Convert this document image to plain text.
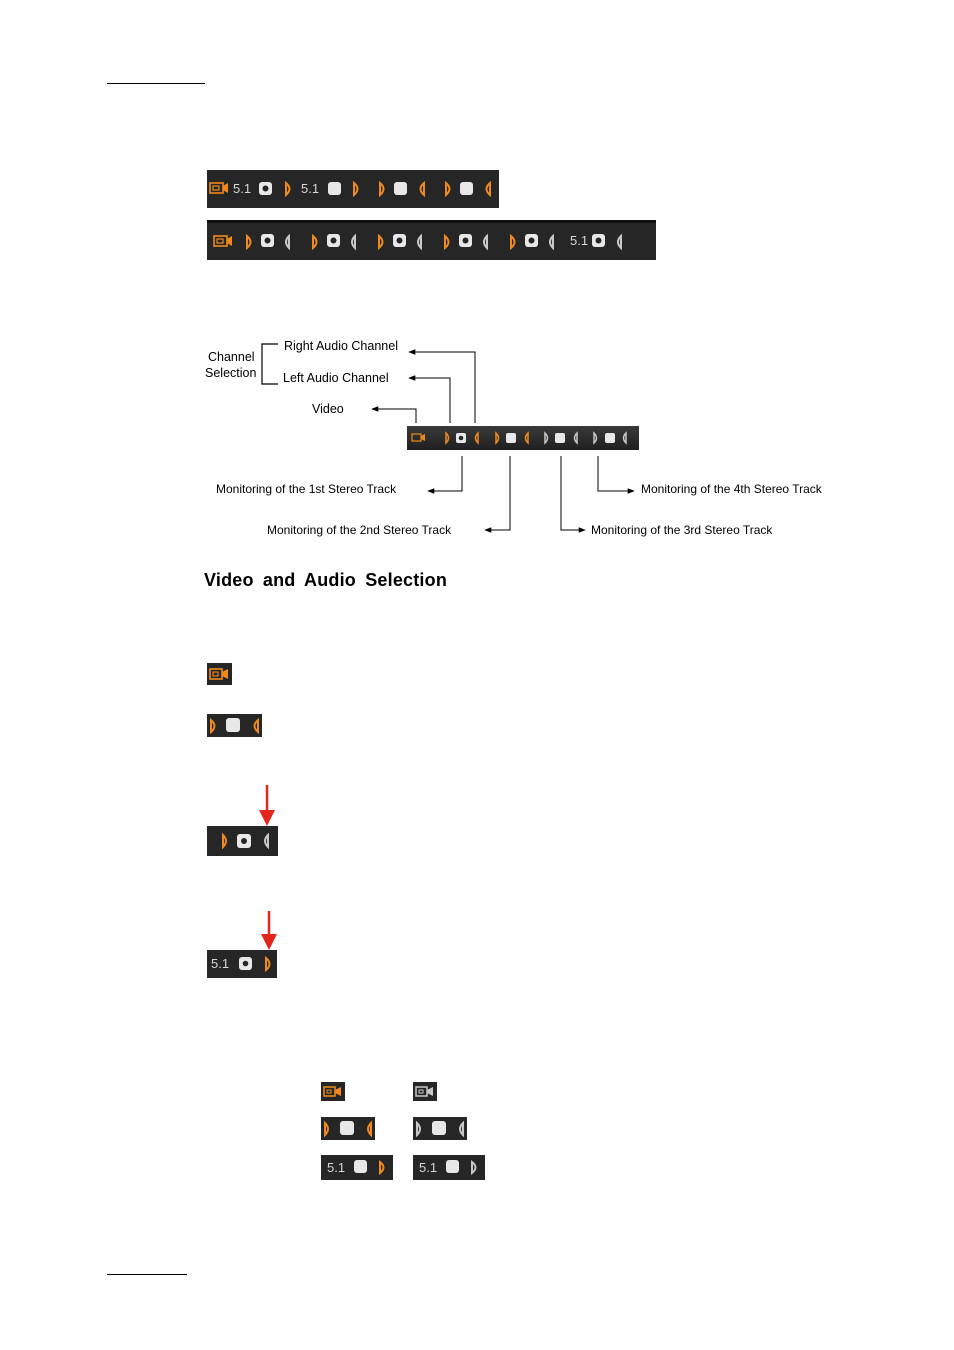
5.1	5.1
5.1
Channel
Selection
Right Audio Channel
Left Audio Channel
Video
Monitoring of the 1st Stereo Track
Monitoring of the 2nd Stereo Track	Monitoring of the 3rd Stereo Track
Monitoring of the 4th Stereo Track
Video and Audio Selection
5.1
5.1	5.1
